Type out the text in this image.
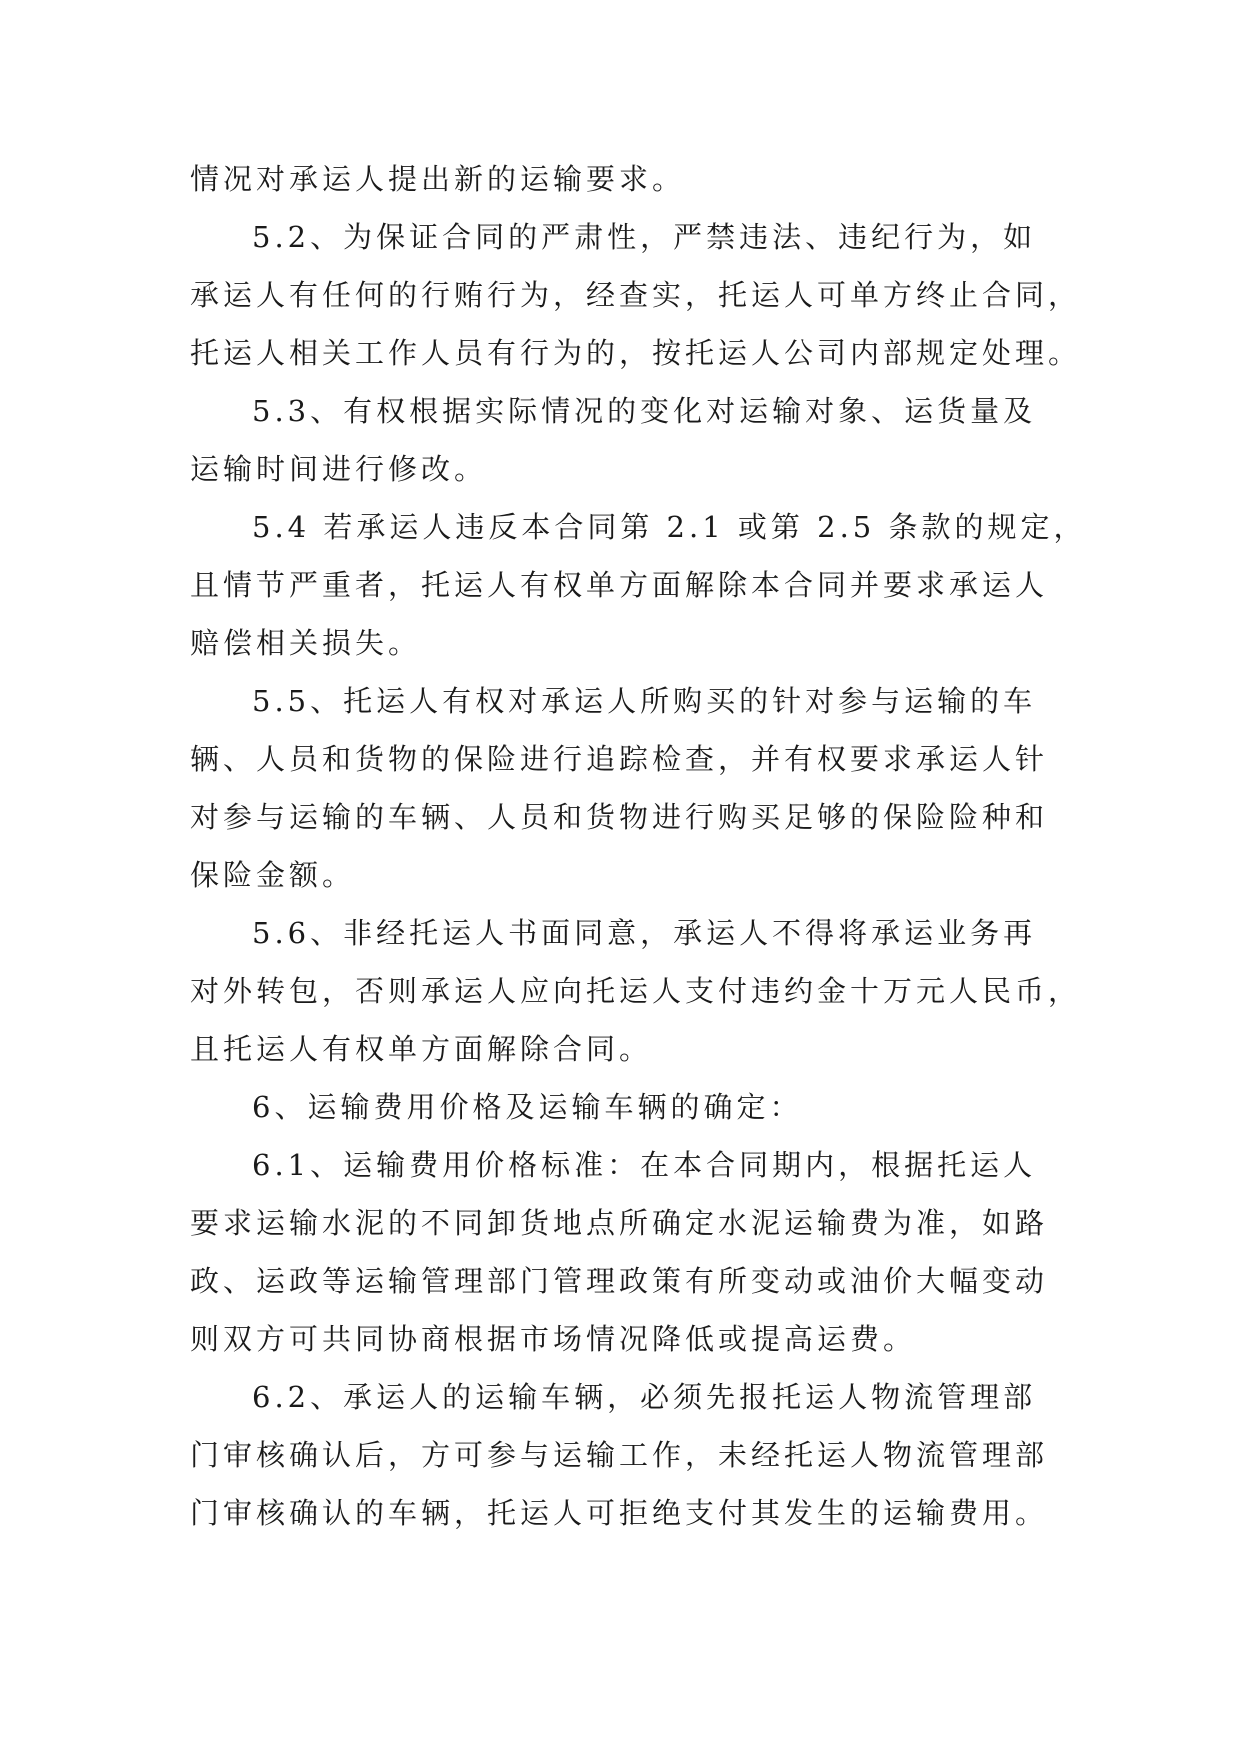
情况对承运人提出新的运输要求。
5.2、为保证合同的严肃性，严禁违法、违纪行为，如
承运人有任何的行贿行为，经查实，托运人可单方终止合同，
托运人相关工作人员有行为的，按托运人公司内部规定处理。
5.3、有权根据实际情况的变化对运输对象、运货量及
运输时间进行修改。
5.4 若承运人违反本合同第 2.1 或第 2.5 条款的规定，
且情节严重者，托运人有权单方面解除本合同并要求承运人
赔偿相关损失。
5.5、托运人有权对承运人所购买的针对参与运输的车
辆、人员和货物的保险进行追踪检查，并有权要求承运人针
对参与运输的车辆、人员和货物进行购买足够的保险险种和
保险金额。
5.6、非经托运人书面同意，承运人不得将承运业务再
对外转包，否则承运人应向托运人支付违约金十万元人民币，
且托运人有权单方面解除合同。
6、运输费用价格及运输车辆的确定：
6.1、运输费用价格标准：在本合同期内，根据托运人
要求运输水泥的不同卸货地点所确定水泥运输费为准，如路
政、运政等运输管理部门管理政策有所变动或油价大幅变动
则双方可共同协商根据市场情况降低或提高运费。
6.2、承运人的运输车辆，必须先报托运人物流管理部
门审核确认后，方可参与运输工作，未经托运人物流管理部
门审核确认的车辆，托运人可拒绝支付其发生的运输费用。
